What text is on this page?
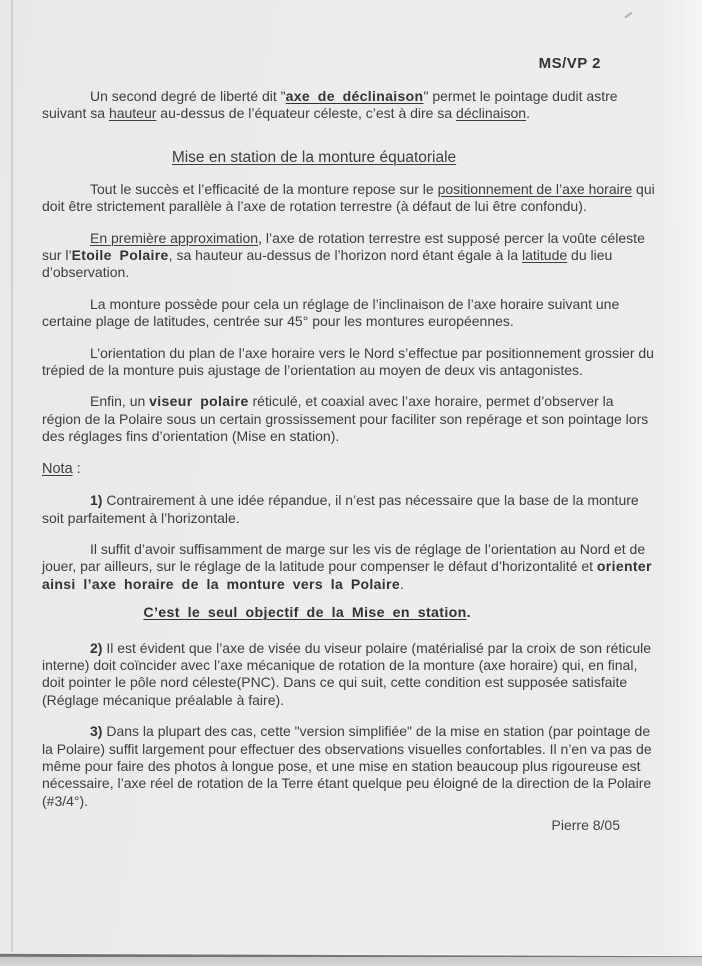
MS/VP 2
Un second degré de liberté dit "axe de déclinaison" permet le pointage dudit astre suivant sa hauteur au-dessus de l’équateur céleste, c’est à dire sa déclinaison.
Mise en station de la monture équatoriale
Tout le succès et l’efficacité de la monture repose sur le positionnement de l’axe horaire qui doit être strictement parallèle à l’axe de rotation terrestre (à défaut de lui être confondu).
En première approximation, l’axe de rotation terrestre est supposé percer la voûte céleste sur l’Etoile Polaire, sa hauteur au-dessus de l’horizon nord étant égale à la latitude du lieu d’observation.
La monture possède pour cela un réglage de l’inclinaison de l’axe horaire suivant une certaine plage de latitudes, centrée sur 45° pour les montures européennes.
L’orientation du plan de l’axe horaire vers le Nord s’effectue par positionnement grossier du trépied de la monture puis ajustage de l’orientation au moyen de deux vis antagonistes.
Enfin, un viseur polaire réticulé, et coaxial avec l’axe horaire, permet d’observer la région de la Polaire sous un certain grossissement pour faciliter son repérage et son pointage lors des réglages fins d’orientation (Mise en station).
Nota :
1) Contrairement à une idée répandue, il n’est pas nécessaire que la base de la monture soit parfaitement à l’horizontale.
Il suffit d’avoir suffisamment de marge sur les vis de réglage de l’orientation au Nord et de jouer, par ailleurs, sur le réglage de la latitude pour compenser le défaut d’horizontalité et orienter ainsi l’axe horaire de la monture vers la Polaire.
C’est le seul objectif de la Mise en station.
2) Il est évident que l’axe de visée du viseur polaire (matérialisé par la croix de son réticule interne) doit coïncider avec l’axe mécanique de rotation de la monture (axe horaire) qui, en final, doit pointer le pôle nord céleste(PNC). Dans ce qui suit, cette condition est supposée satisfaite (Réglage mécanique préalable à faire).
3) Dans la plupart des cas, cette "version simplifiée" de la mise en station (par pointage de la Polaire) suffit largement pour effectuer des observations visuelles confortables. Il n’en va pas de même pour faire des photos à longue pose, et une mise en station beaucoup plus rigoureuse est nécessaire, l’axe réel de rotation de la Terre étant quelque peu éloigné de la direction de la Polaire (#3/4°).
Pierre 8/05
